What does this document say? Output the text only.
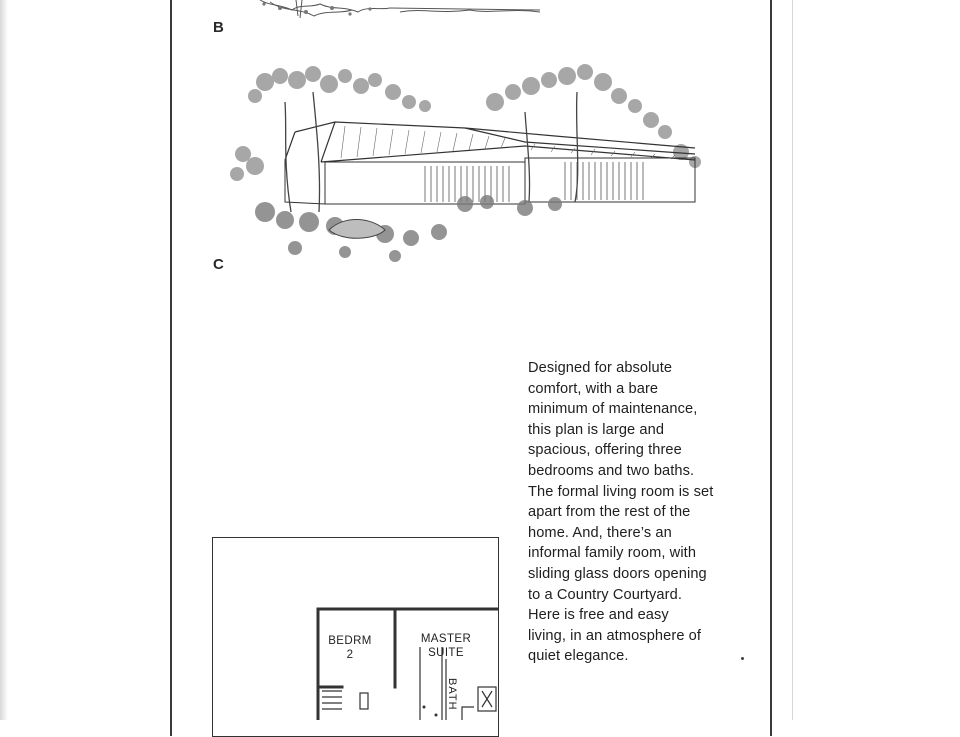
B
C
Designed for absolute
comfort, with a bare
minimum of maintenance,
this plan is large and
spacious, offering three
bedrooms and two baths.
The formal living room is set
apart from the rest of the
home. And, there’s an
informal family room, with
sliding glass doors opening
to a Country Courtyard.
Here is free and easy
living, in an atmosphere of
quiet elegance.
BEDRM
2
MASTER
SUITE
BATH
